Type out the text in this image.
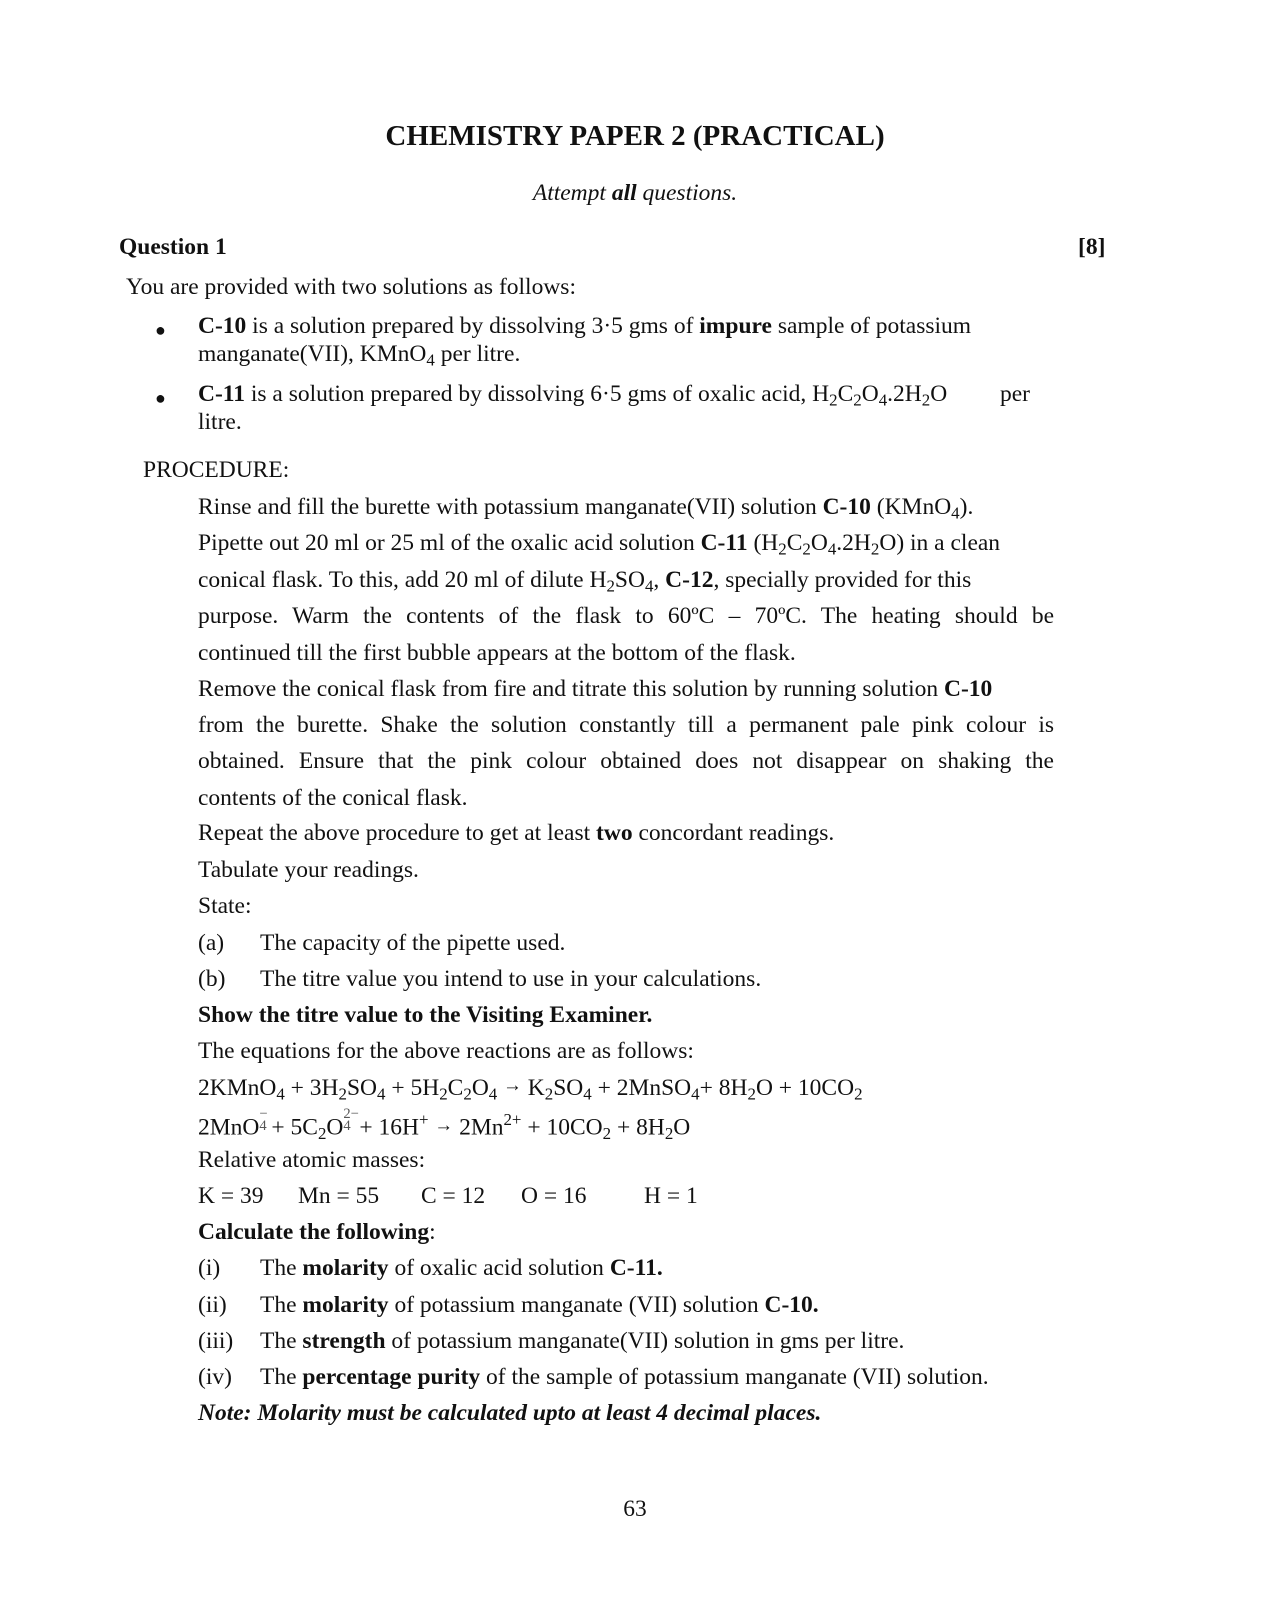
CHEMISTRY PAPER 2 (PRACTICAL)
Attempt all questions.
Question 1	[8]
You are provided with two solutions as follows:
● C-10 is a solution prepared by dissolving 3·5 gms of impure sample of potassium
manganate(VII), KMnO$_4$ per litre.
● C-11 is a solution prepared by dissolving 6·5 gms of oxalic acid, $H_2C_2O_4.2H_2O$ per
litre.
PROCEDURE:
Rinse and fill the burette with potassium manganate(VII) solution C-10 (KMnO$_4$).
Pipette out 20 ml or 25 ml of the oxalic acid solution C-11 $(H_2C_2O_4.2H_2O)$ in a clean
conical flask. To this, add 20 ml of dilute $H_2SO_4$, C-12, specially provided for this
purpose. Warm the contents of the flask to 60ºC – 70ºC. The heating should be
continued till the first bubble appears at the bottom of the flask.
Remove the conical flask from fire and titrate this solution by running solution C-10
from the burette. Shake the solution constantly till a permanent pale pink colour is
obtained. Ensure that the pink colour obtained does not disappear on shaking the
contents of the conical flask.
Repeat the above procedure to get at least two concordant readings.
Tabulate your readings.
State:
(a) The capacity of the pipette used.
(b) The titre value you intend to use in your calculations.
Show the titre value to the Visiting Examiner.
The equations for the above reactions are as follows:
2KMnO$_4$ + $3H_2SO_4 + 5H_2C_2O_4 \to K_2SO_4$ + 2MnSO$_4$+ $8H_2O + 10CO_2$
2MnO
−
$4 + 5C_2O$
2−
$4 + 16H^+ \to 2Mn^{2+} + 10CO_2 + 8H_2O$
Relative atomic masses:
K = 39 Mn = 55 C = 12 O = 16 H = 1
Calculate the following:
(i) The molarity of oxalic acid solution C-11.
(ii) The molarity of potassium manganate (VII) solution C-10.
(iii) The strength of potassium manganate(VII) solution in gms per litre.
(iv) The percentage purity of the sample of potassium manganate (VII) solution.
Note: Molarity must be calculated upto at least 4 decimal places.
63
